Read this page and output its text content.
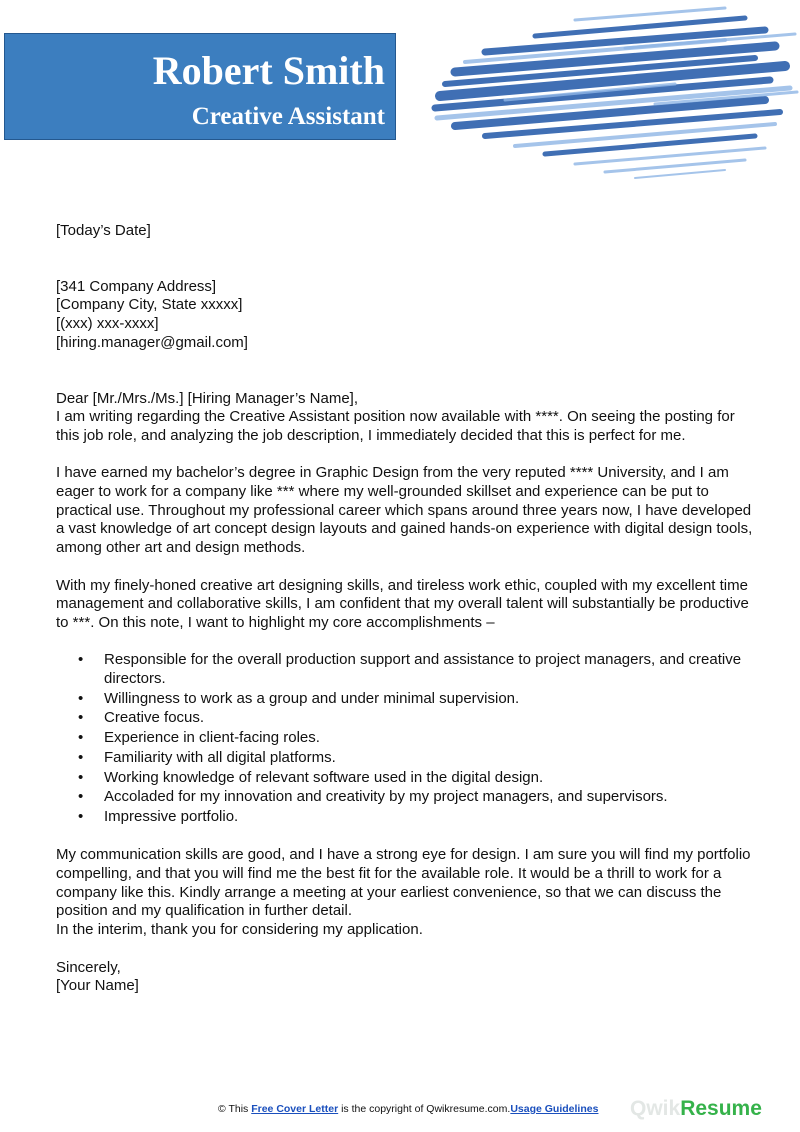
Robert Smith
Creative Assistant

[Today’s Date]

[341 Company Address]

[Company City, State xxxxx]

[(xxx) xxx-xxxx]

[hiring.manager@gmail.com]

Dear [Mr./Mrs./Ms.] [Hiring Manager’s Name],

I am writing regarding the Creative Assistant position now available with ****. On seeing the posting for this job role, and analyzing the job description, I immediately decided that this is perfect for me.

I have earned my bachelor’s degree in Graphic Design from the very reputed **** University, and I am eager to work for a company like *** where my well-grounded skillset and experience can be put to practical use. Throughout my professional career which spans around three years now, I have developed a vast knowledge of art concept design layouts and gained hands-on experience with digital design tools, among other art and design methods.

With my finely-honed creative art designing skills, and tireless work ethic, coupled with my excellent time management and collaborative skills, I am confident that my overall talent will substantially be productive to ***. On this note, I want to highlight my core accomplishments –

• Responsible for the overall production support and assistance to project managers, and creative directors.
• Willingness to work as a group and under minimal supervision.
• Creative focus.
• Experience in client-facing roles.
• Familiarity with all digital platforms.
• Working knowledge of relevant software used in the digital design.
• Accoladed for my innovation and creativity by my project managers, and supervisors.
• Impressive portfolio.

My communication skills are good, and I have a strong eye for design. I am sure you will find my portfolio compelling, and that you will find me the best fit for the available role. It would be a thrill to work for a company like this. Kindly arrange a meeting at your earliest convenience, so that we can discuss the position and my qualification in further detail.

In the interim, thank you for considering my application.

Sincerely,

[Your Name]

© This Free Cover Letter is the copyright of Qwikresume.com.Usage Guidelines QwikResume
